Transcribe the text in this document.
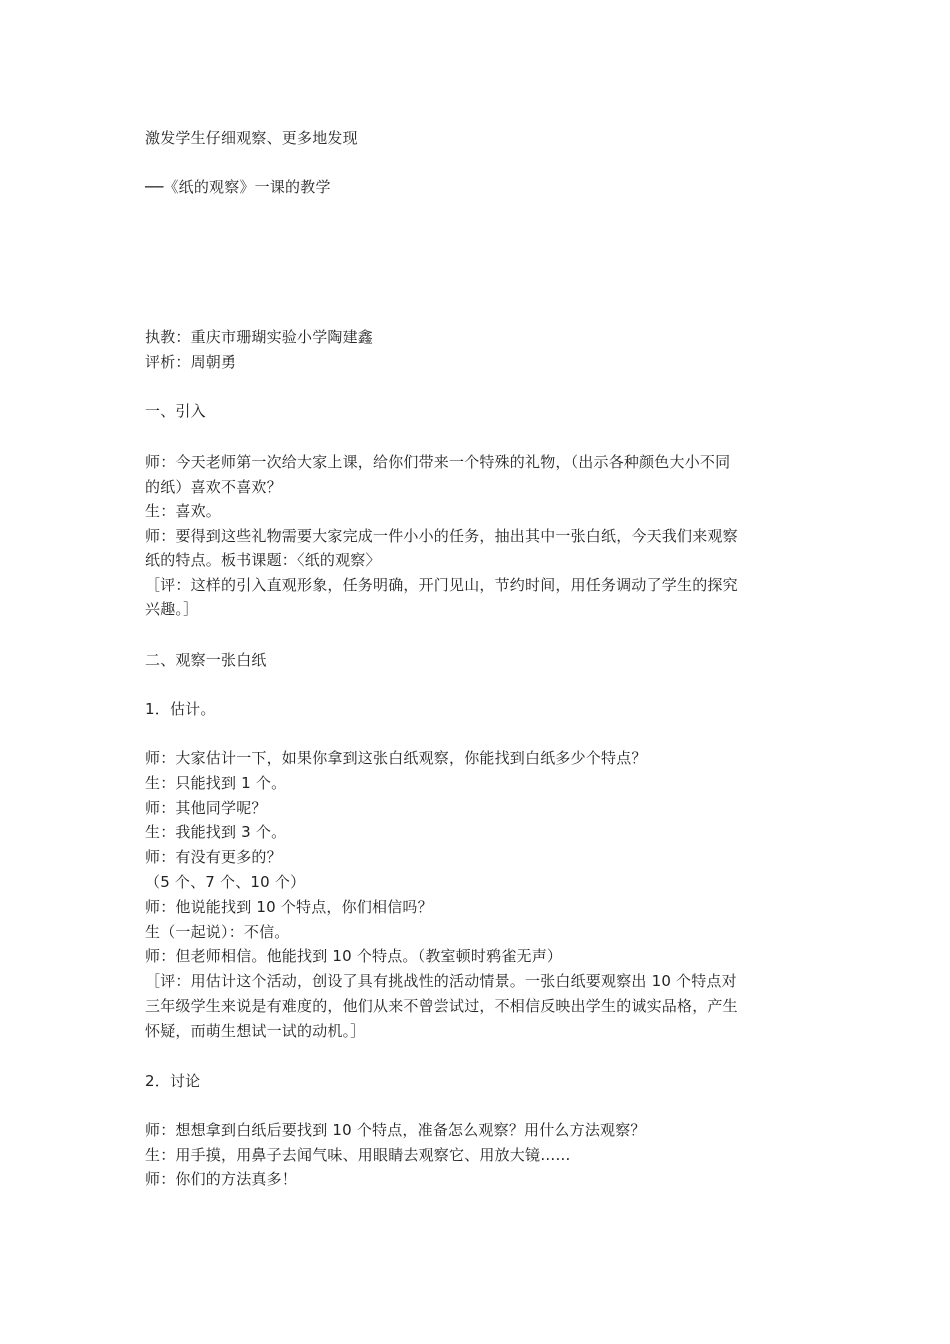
激发学生仔细观察、更多地发现
──《纸的观察》一课的教学
执教：重庆市珊瑚实验小学陶建鑫
评析：周朝勇
一、引入
师：今天老师第一次给大家上课，给你们带来一个特殊的礼物，（出示各种颜色大小不同
的纸）喜欢不喜欢？
生：喜欢。
师：要得到这些礼物需要大家完成一件小小的任务，抽出其中一张白纸，今天我们来观察
纸的特点。板书课题：〈纸的观察〉
［评：这样的引入直观形象，任务明确，开门见山，节约时间，用任务调动了学生的探究
兴趣。］
二、观察一张白纸
1．估计。
师：大家估计一下，如果你拿到这张白纸观察，你能找到白纸多少个特点？
生：只能找到 1 个。
师：其他同学呢？
生：我能找到 3 个。
师：有没有更多的？
（5 个、7 个、10 个）
师：他说能找到 10 个特点，你们相信吗？
生（一起说）：不信。
师：但老师相信。他能找到 10 个特点。（教室顿时鸦雀无声）
［评：用估计这个活动，创设了具有挑战性的活动情景。一张白纸要观察出 10 个特点对
三年级学生来说是有难度的，他们从来不曾尝试过，不相信反映出学生的诚实品格，产生
怀疑，而萌生想试一试的动机。］
2．讨论
师：想想拿到白纸后要找到 10 个特点，准备怎么观察？用什么方法观察？
生：用手摸，用鼻子去闻气味、用眼睛去观察它、用放大镜……
师：你们的方法真多！
